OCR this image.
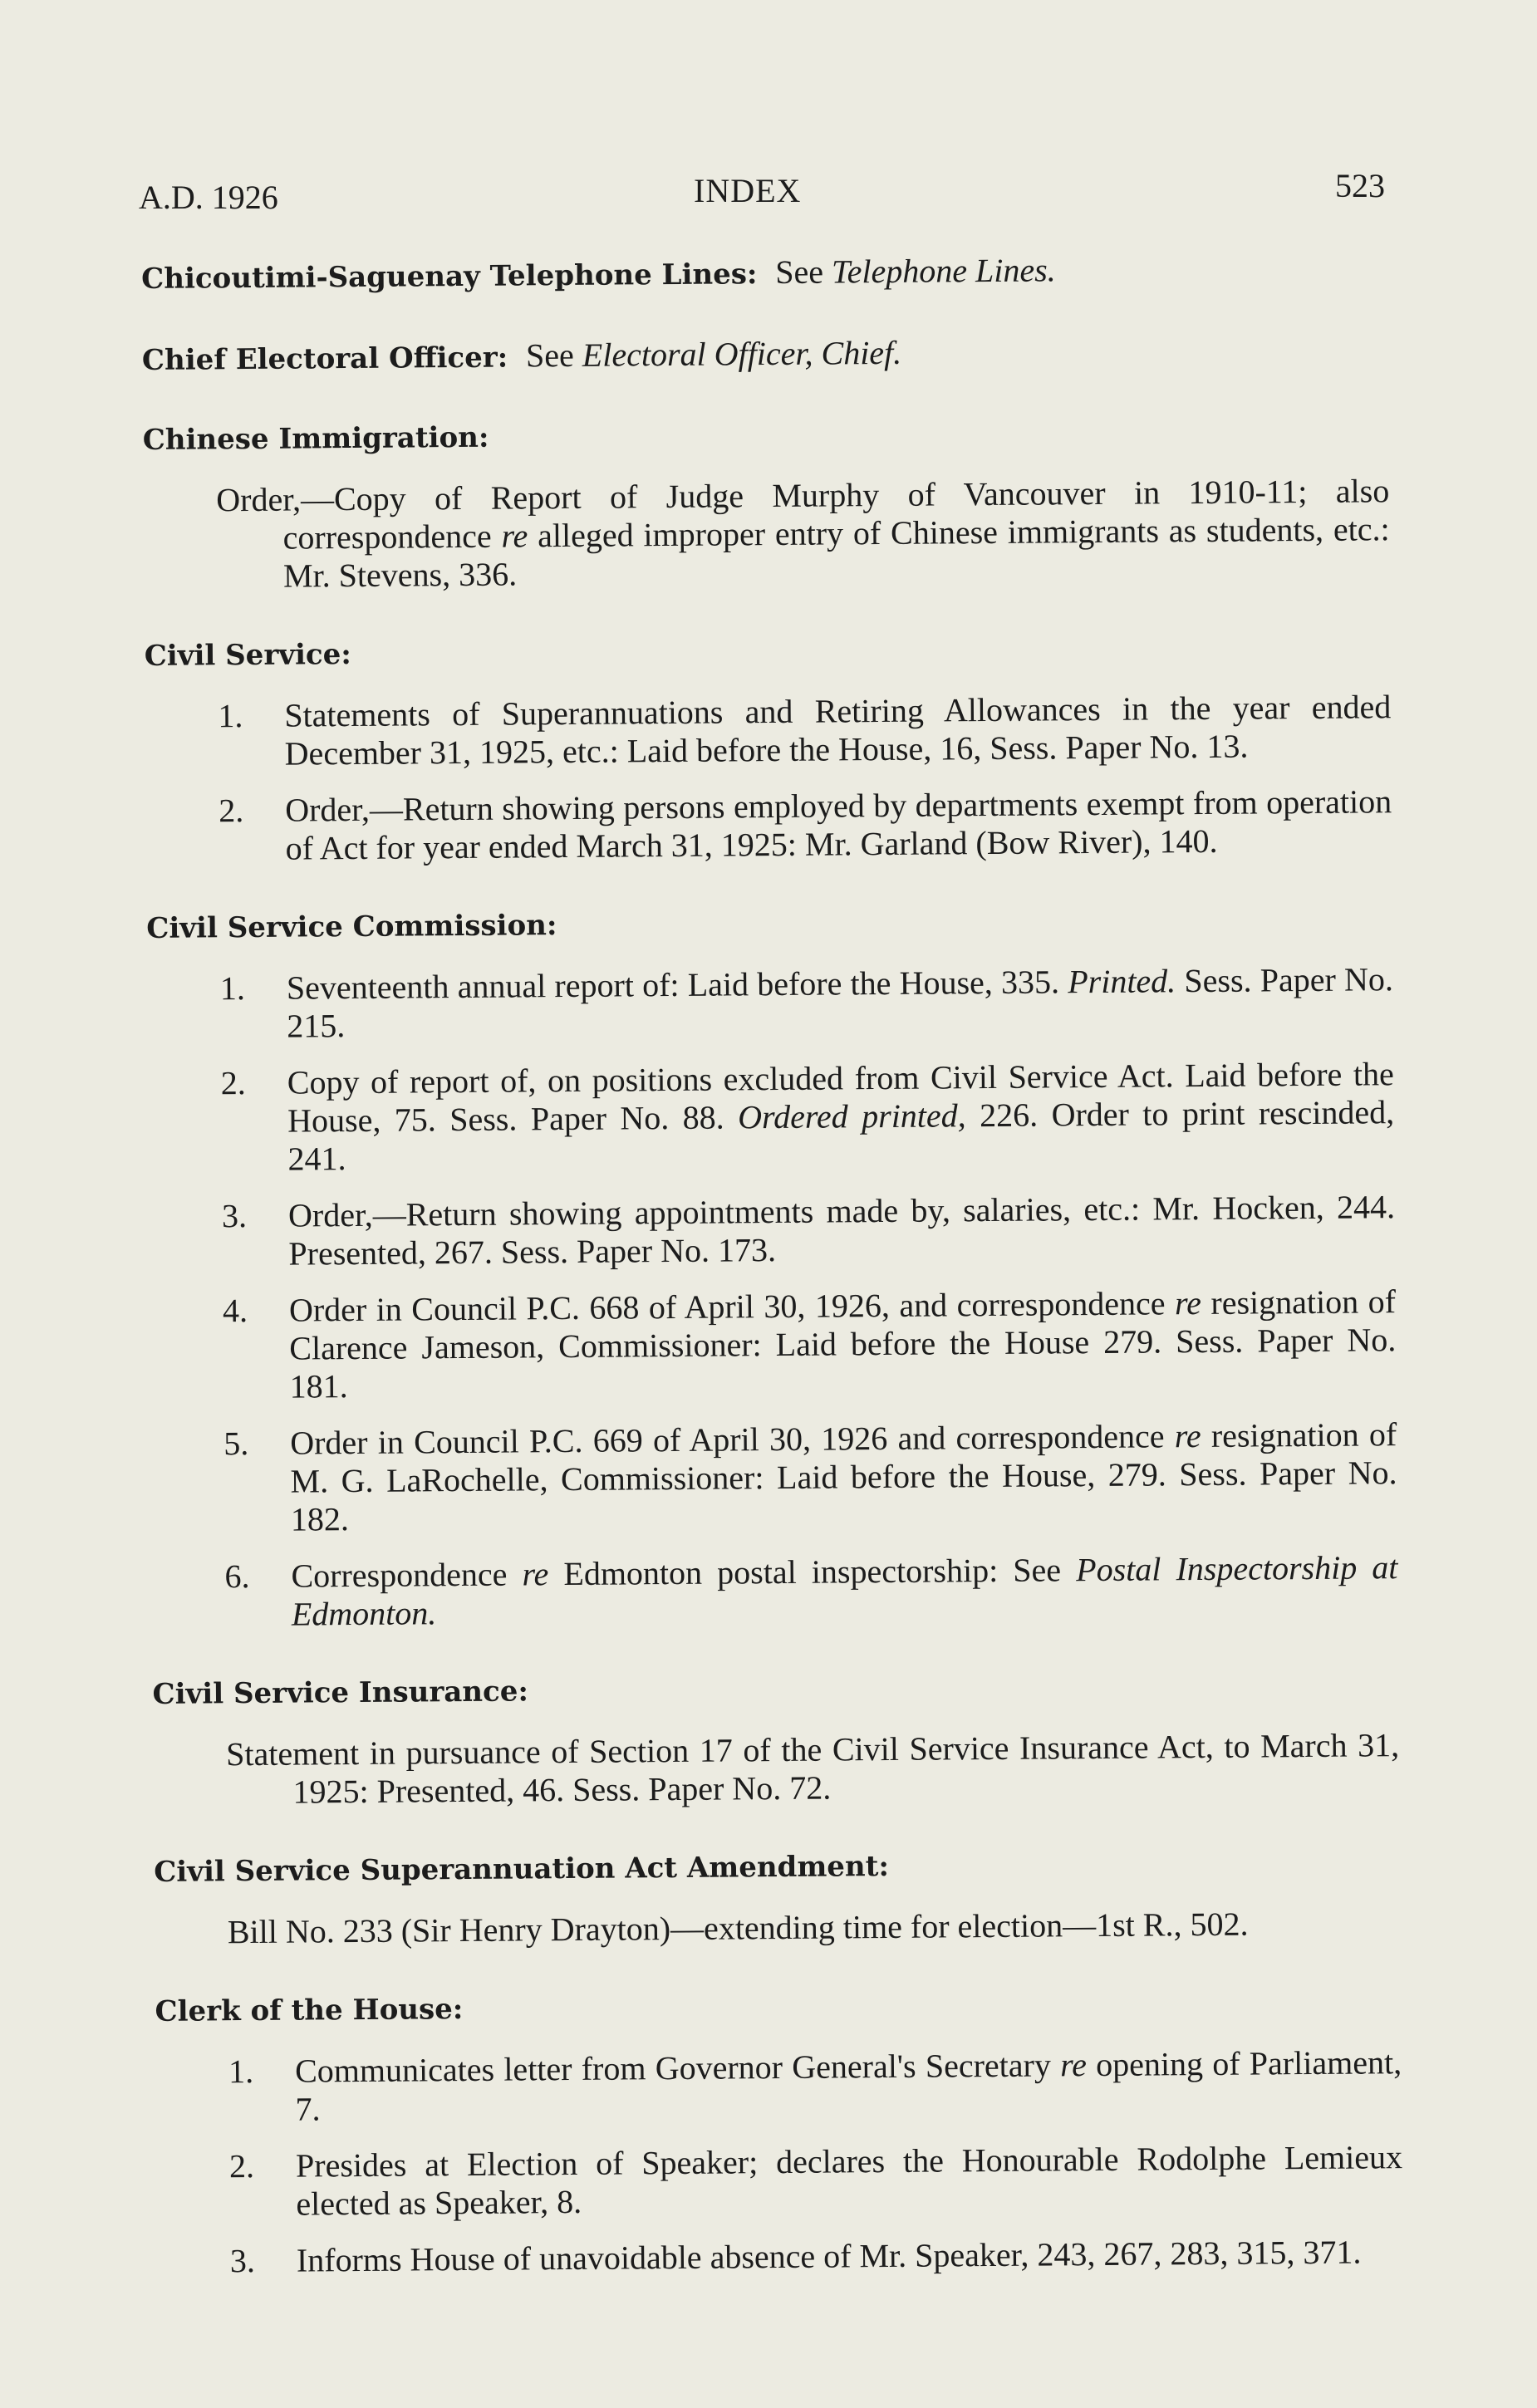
A.D. 1926	INDEX	523
Chicoutimi-Saguenay Telephone Lines: See Telephone Lines.
Chief Electoral Officer: See Electoral Officer, Chief.
Chinese Immigration:

Order,—Copy of Report of Judge Murphy of Vancouver in 1910-11; also correspondence re alleged improper entry of Chinese immigrants as students, etc.: Mr. Stevens, 336.

Civil Service:
1. Statements of Superannuations and Retiring Allowances in the year ended December 31, 1925, etc.: Laid before the House, 16, Sess. Paper No. 13.
2. Order,—Return showing persons employed by departments exempt from operation of Act for year ended March 31, 1925: Mr. Garland (Bow River), 140.
Civil Service Commission:
1. Seventeenth annual report of: Laid before the House, 335. Printed. Sess. Paper No. 215.
2. Copy of report of, on positions excluded from Civil Service Act. Laid before the House, 75. Sess. Paper No. 88. Ordered printed, 226. Order to print rescinded, 241.
3. Order,—Return showing appointments made by, salaries, etc.: Mr. Hocken, 244. Presented, 267. Sess. Paper No. 173.
4. Order in Council P.C. 668 of April 30, 1926, and correspondence re resignation of Clarence Jameson, Commissioner: Laid before the House 279. Sess. Paper No. 181.
5. Order in Council P.C. 669 of April 30, 1926 and correspondence re resignation of M. G. LaRochelle, Commissioner: Laid before the House, 279. Sess. Paper No. 182.
6. Correspondence re Edmonton postal inspectorship: See Postal Inspectorship at Edmonton.
Civil Service Insurance:

Statement in pursuance of Section 17 of the Civil Service Insurance Act, to March 31, 1925: Presented, 46. Sess. Paper No. 72.

Civil Service Superannuation Act Amendment:

Bill No. 233 (Sir Henry Drayton)—extending time for election—1st R., 502.

Clerk of the House:
1. Communicates letter from Governor General's Secretary re opening of Parliament, 7.
2. Presides at Election of Speaker; declares the Honourable Rodolphe Lemieux elected as Speaker, 8.
3. Informs House of unavoidable absence of Mr. Speaker, 243, 267, 283, 315, 371.
